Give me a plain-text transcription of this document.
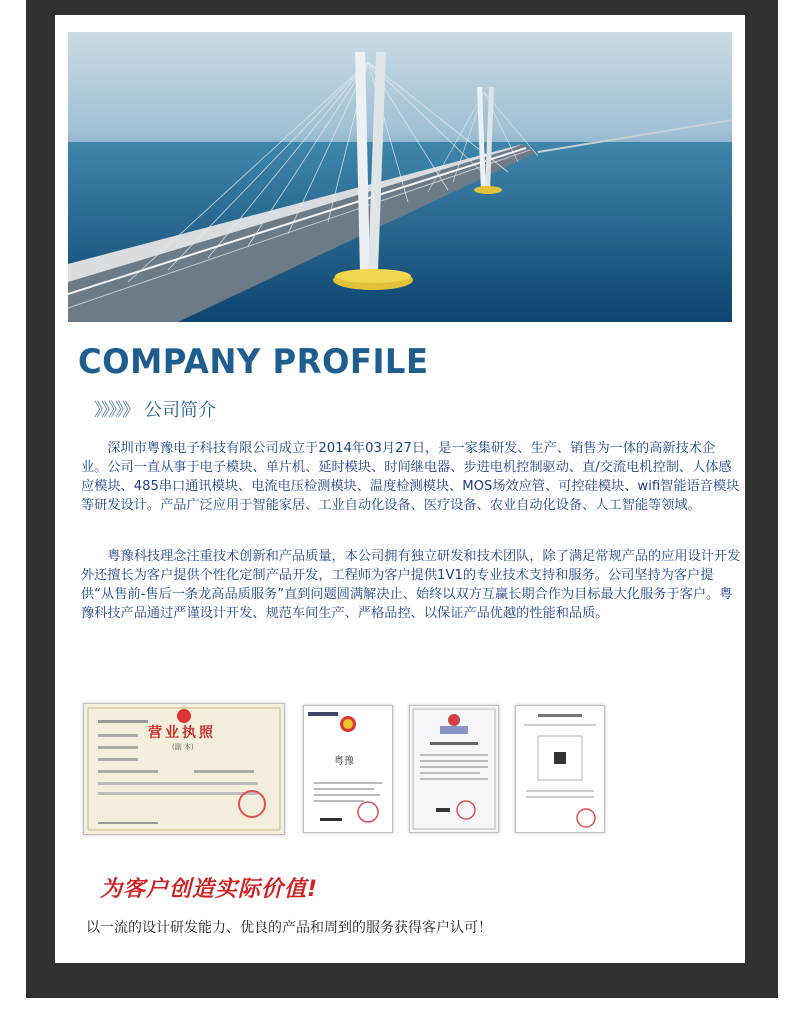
COMPANY PROFILE
》》》》》 公司简介

  深圳市粤豫电子科技有限公司成立于2014年03月27日，是一家集研发、生产、销售为一体的高新技术企业。公司一直从事于电子模块、单片机、延时模块、时间继电器、步进电机控制驱动、直/交流电机控制、人体感应模块、485串口通讯模块、电流电压检测模块、温度检测模块、MOS场效应管、可控硅模块、wifi智能语音模块等研发设计。产品广泛应用于智能家居、工业自动化设备、医疗设备、农业自动化设备、人工智能等领域。

  粤豫科技理念注重技术创新和产品质量，本公司拥有独立研发和技术团队，除了满足常规产品的应用设计开发外还擅长为客户提供个性化定制产品开发，工程师为客户提供1V1的专业技术支持和服务。公司坚持为客户提供“从售前-售后一条龙高品质服务”直到问题圆满解决止、始终以双方互赢长期合作为目标最大化服务于客户。粤豫科技产品通过严谨设计开发、规范车间生产、严格品控、以保证产品优越的性能和品质。

营业执照
(副 本)
粤豫
为客户创造实际价值!
以一流的设计研发能力、优良的产品和周到的服务获得客户认可！
